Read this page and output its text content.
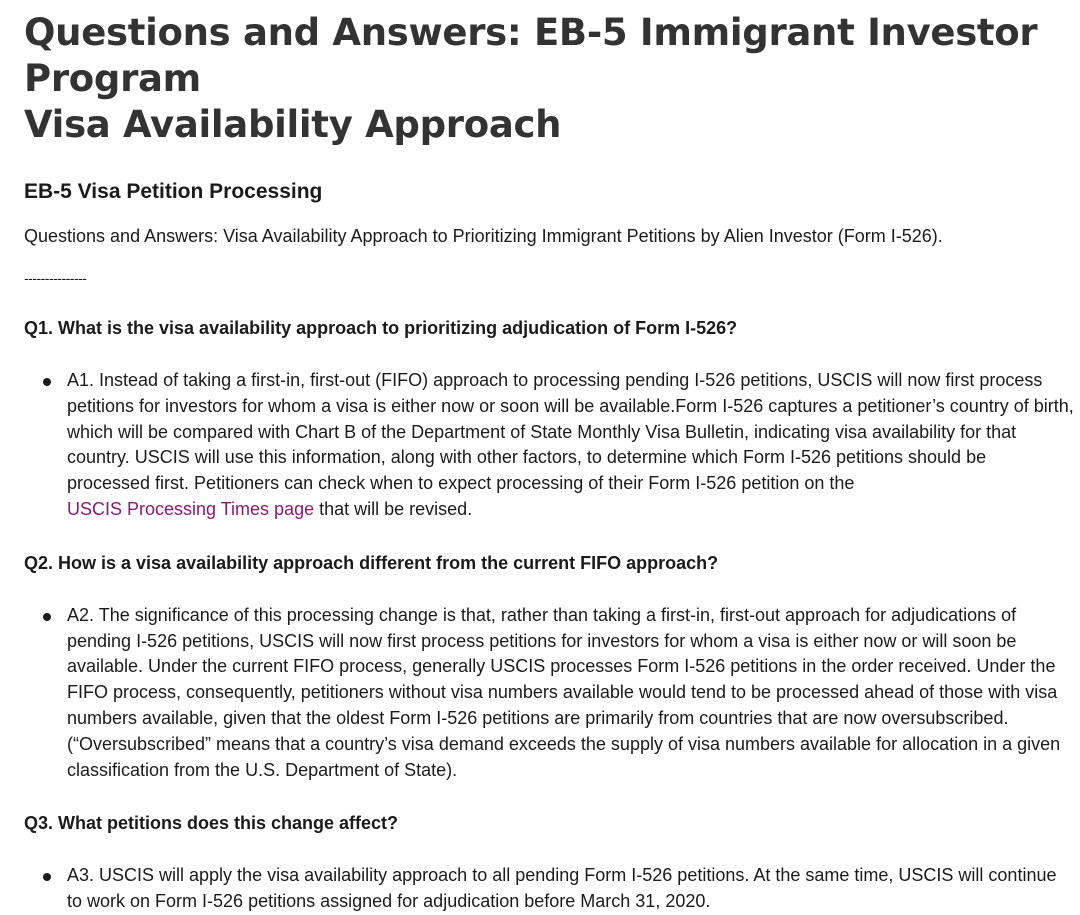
Questions and Answers: EB-5 Immigrant Investor Program
Visa Availability Approach
EB-5 Visa Petition Processing

Questions and Answers: Visa Availability Approach to Prioritizing Immigrant Petitions by Alien Investor (Form I-526).

---------------
Q1. What is the visa availability approach to prioritizing adjudication of Form I-526?
A1. Instead of taking a first-in, first-out (FIFO) approach to processing pending I-526 petitions, USCIS will now first process petitions for investors for whom a visa is either now or soon will be available.Form I-526 captures a petitioner’s country of birth, which will be compared with Chart B of the Department of State Monthly Visa Bulletin, indicating visa availability for that country. USCIS will use this information, along with other factors, to determine which Form I-526 petitions should be processed first. Petitioners can check when to expect processing of their Form I-526 petition on the
USCIS Processing Times page that will be revised.
Q2. How is a visa availability approach different from the current FIFO approach?
A2. The significance of this processing change is that, rather than taking a first-in, first-out approach for adjudications of pending I-526 petitions, USCIS will now first process petitions for investors for whom a visa is either now or will soon be available. Under the current FIFO process, generally USCIS processes Form I-526 petitions in the order received. Under the FIFO process, consequently, petitioners without visa numbers available would tend to be processed ahead of those with visa numbers available, given that the oldest Form I-526 petitions are primarily from countries that are now oversubscribed. (“Oversubscribed” means that a country’s visa demand exceeds the supply of visa numbers available for allocation in a given classification from the U.S. Department of State).
Q3. What petitions does this change affect?
A3. USCIS will apply the visa availability approach to all pending Form I-526 petitions. At the same time, USCIS will continue to work on Form I-526 petitions assigned for adjudication before March 31, 2020.
